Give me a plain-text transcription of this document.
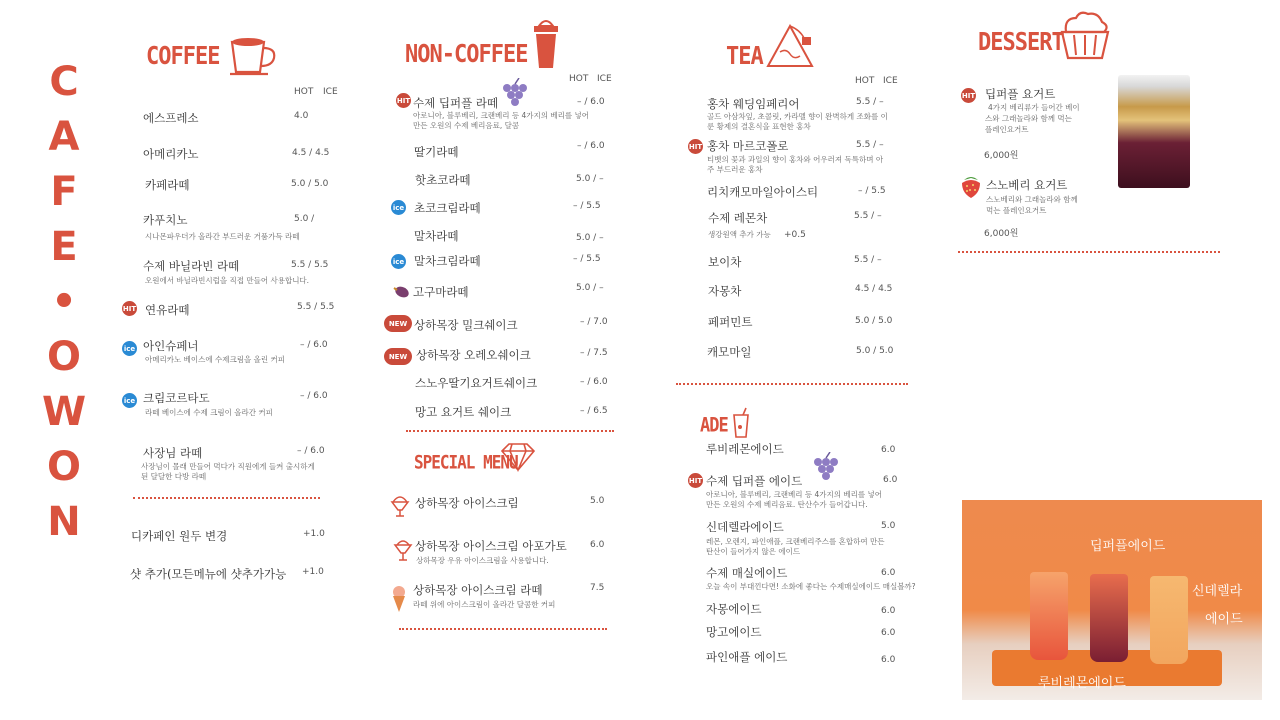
C
A
F
E
•
O
W
O
N
COFFEE
HOT ICE
에스프레소	4.0
아메리카노	4.5 / 4.5
카페라떼	5.0 / 5.0
카푸치노	5.0 /
시나몬파우더가 올라간 부드러운 거품가득 라떼
수제 바닐라빈 라떼	5.5 / 5.5
오원에서 바닐라빈시럽을 직접 만들어 사용합니다.
HIT 연유라떼	5.5 / 5.5
ice 아인슈페너	– / 6.0
아메리카노 베이스에 수제크림을 올린 커피
ice 크림코르타도	– / 6.0
라떼 베이스에 수제 크림이 올라간 커피
사장님 라떼	– / 6.0
사장님이 몰래 만들어 먹다가 직원에게 들켜 출시하게
된 달달한 다방 라떼
디카페인 원두 변경	+1.0
샷 추가(모든메뉴에 샷추가가능 +1.0
NON-COFFEE
HOT ICE
HIT 수제 딥퍼플 라떼	– / 6.0
아로니아, 블루베리, 크랜베리 등 4가지의 베리를 넣어
만든 오원의 수제 베리음료, 달콤
딸기라떼	– / 6.0
핫초코라떼	5.0 / –
ice 초코크림라떼	– / 5.5
말차라떼	5.0 / –
ice 말차크림라떼	– / 5.5
고구마라떼	5.0 / –
NEW 상하목장 밀크쉐이크	– / 7.0
NEW 상하목장 오레오쉐이크	– / 7.5
스노우딸기요거트쉐이크	– / 6.0
망고 요거트 쉐이크	– / 6.5
SPECIAL MENU
상하목장 아이스크림	5.0
상하목장 아이스크림 아포가토	6.0
상하목장 우유 아이스크림을 사용합니다.
상하목장 아이스크림 라떼	7.5
라떼 위에 아이스크림이 올라간 달콤한 커피
TEA
HOT ICE
홍차 웨딩임페리어	5.5 / –
골드 아삼차잎, 초콜릿, 카라멜 향이 완벽하게 조화를 이
룬 황제의 결혼식을 표현한 홍차
HIT 홍차 마르코폴로	5.5 / –
티벳의 꽃과 과일의 향이 홍차와 어우러져 독특하며 아
주 부드러운 홍차
리치캐모마일아이스티	– / 5.5
수제 레몬차	5.5 / –
생강원액 추가 가능 +0.5
보이차	5.5 / –
자몽차	4.5 / 4.5
페퍼민트	5.0 / 5.0
캐모마일	5.0 / 5.0
ADE
루비레몬에이드	6.0
HIT 수제 딥퍼플 에이드	6.0
아로니아, 블루베리, 크랜베리 등 4가지의 베리를 넣어
만든 오원의 수제 베리음료. 탄산수가 들어갑니다.
신데렐라에이드	5.0
레몬, 오렌지, 파인애플, 크랜베리주스를 혼합하여 만든
탄산이 들어가지 않은 에이드
수제 매실에이드	6.0
오늘 속이 부대낀다면! 소화에 좋다는 수제매실에이드 매실볼까?
자몽에이드	6.0
망고에이드	6.0
파인애플 에이드	6.0
DESSERT
HIT 딥퍼플 요거트
4가지 베리류가 들어간 베이
스와 그래놀라와 함께 먹는
플레인요거트
6,000원
스노베리 요거트
스노베리와 그래놀라와 함께
먹는 플레인요거트
6,000원
딥퍼플에이드
신데렐라
에이드
루비레몬에이드
